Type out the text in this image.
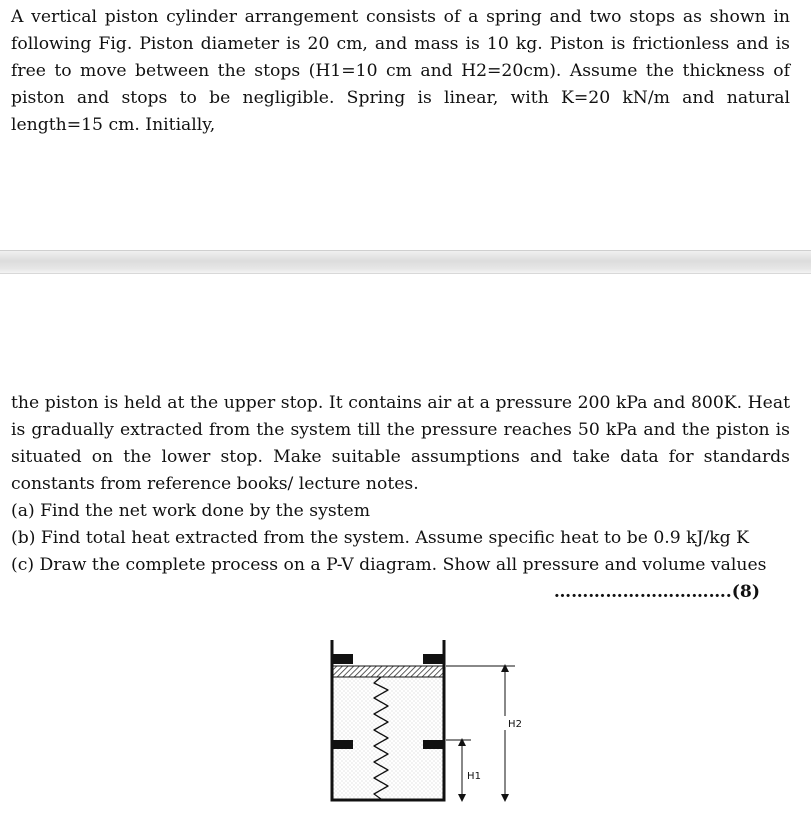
A vertical piston cylinder arrangement consists of a spring and two stops as shown in following Fig. Piston diameter is 20 cm, and mass is 10 kg. Piston is frictionless and is free to move between the stops (H1=10 cm and H2=20cm). Assume the thickness of piston and stops to be negligible. Spring is linear, with K=20 kN/m and natural length=15 cm. Initially,

the piston is held at the upper stop. It contains air at a pressure 200 kPa and 800K. Heat is gradually extracted from the system till the pressure reaches 50 kPa and the piston is situated on the lower stop. Make suitable assumptions and take data for standards constants from reference books/ lecture notes.

(a) Find the net work done by the system

(b) Find total heat extracted from the system. Assume specific heat to be 0.9 kJ/kg K

(c) Draw the complete process on a P-V diagram. Show all pressure and volume values

………………………….(8)
H2
H1
